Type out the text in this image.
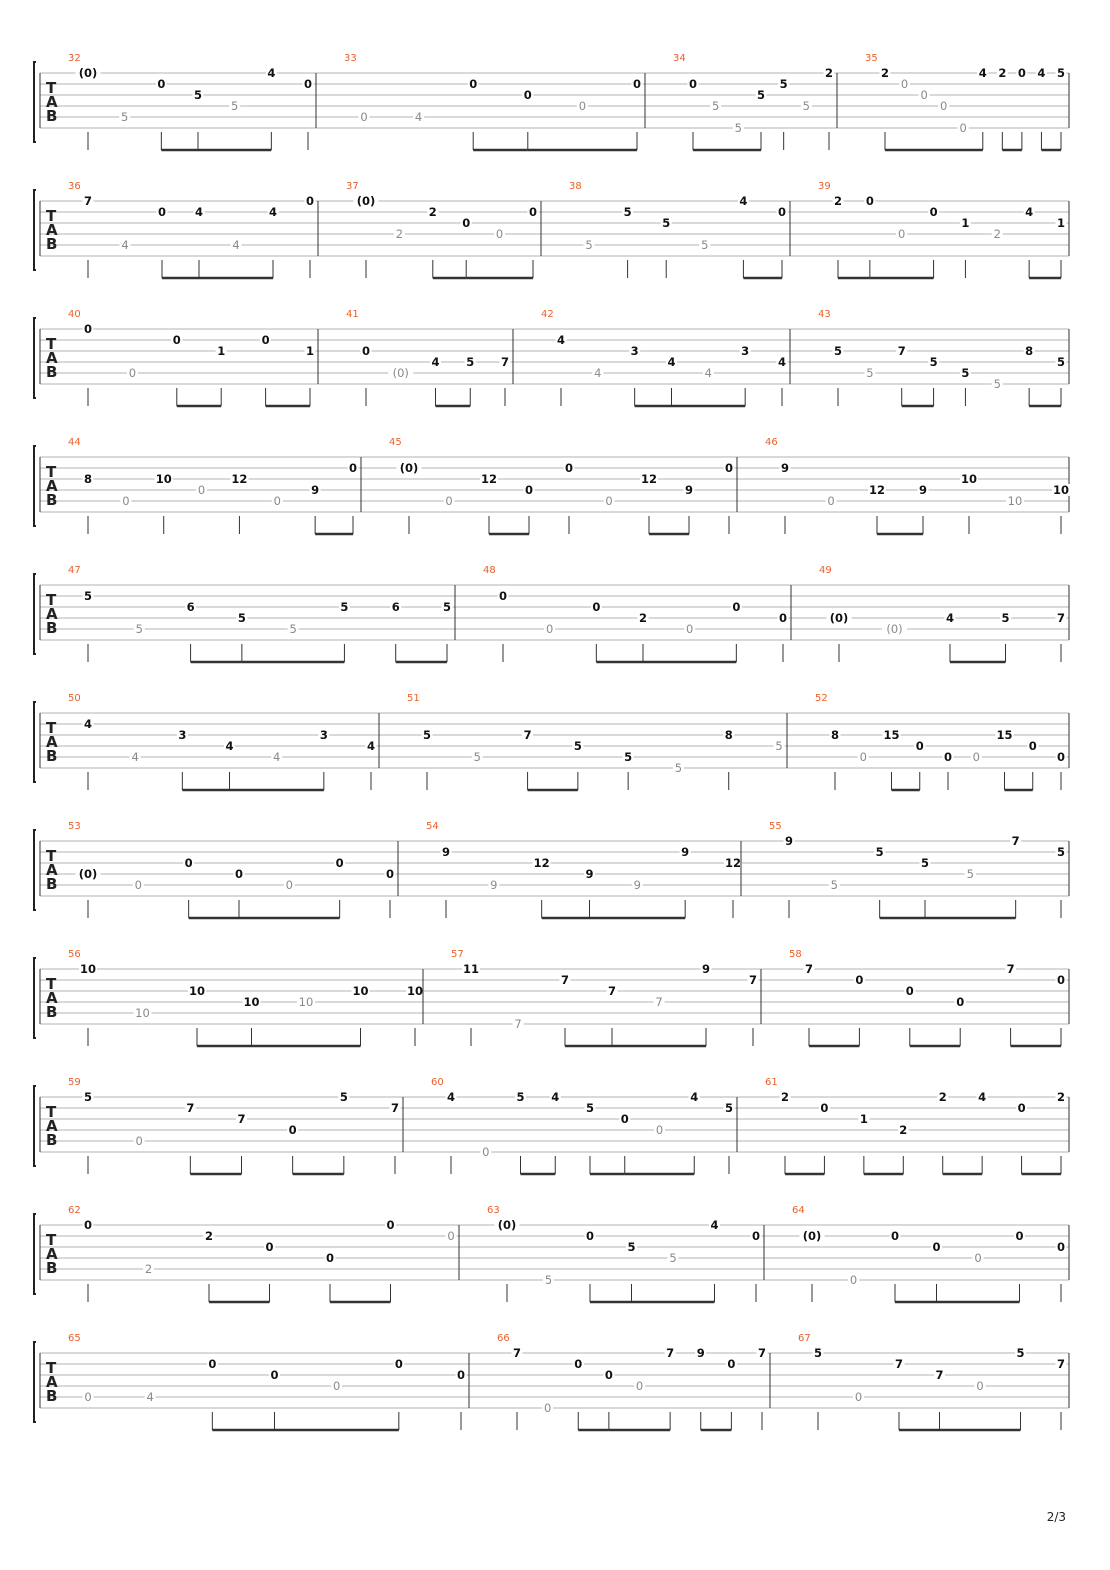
T
A
B
32
(0)
5
0
5
5
4
0
33
0	4
0
0
0
0
34
0
5
5
5
5
5
2
35
2
0
0
0
0
4 2 0 4 5
T
A
B
36
7
4
0	4
4
4
0
37
(0)
2
2
0
0
0
38
5
5
5
5
4
0
39
2 0
0
0
1
2
4
1
T
A
B
40
0
0
0
1
0
1
41
0
(0)
4 5 7
42
4
4
3
4
4
3
4
43
5
5
7
5
5
5
8
5
T
A
B
44
8
0
10
0
12
0
9
0
45
(0)
0
12
0
0
0
12
9
0
46
9
0
12	9
10
10
10
T
A
B
47
5
5
6
5
5
5	6	5
48
0
0
0
2
0
0
0
49
(0)
(0)
4	5	7
T
A
B
50
4
4
3
4
4
3
4
51
5
5
7
5
5
5
8
5
52
8
0
15
0
0 0
15
0
0
T
A
B
53
(0)
0
0
0
0
0
0
54
9
9
12
9
9
9
12
55
9
5
5
5
5
7
5
T
A
B
56
10
10
10
10	10
10	10
57
11
7
7
7
7
9
7
58
7
0
0
0
7
0
T
A
B
59
5
0
7
7
0
5
7
60
4
0
5 4
5
0
0
4
5
61
2
0
1
2
2	4
0
2
T
A
B
62
0
2
2
0
0
0
0
63
(0)
5
0
5
5
4
0
64
(0)
0
0
0
0
0
0
T
A
B
65
0	4
0
0
0
0
0
66
7
0
0
0
0
7 9
0
7
67
5
0
7
7
0
5
7
2/3
